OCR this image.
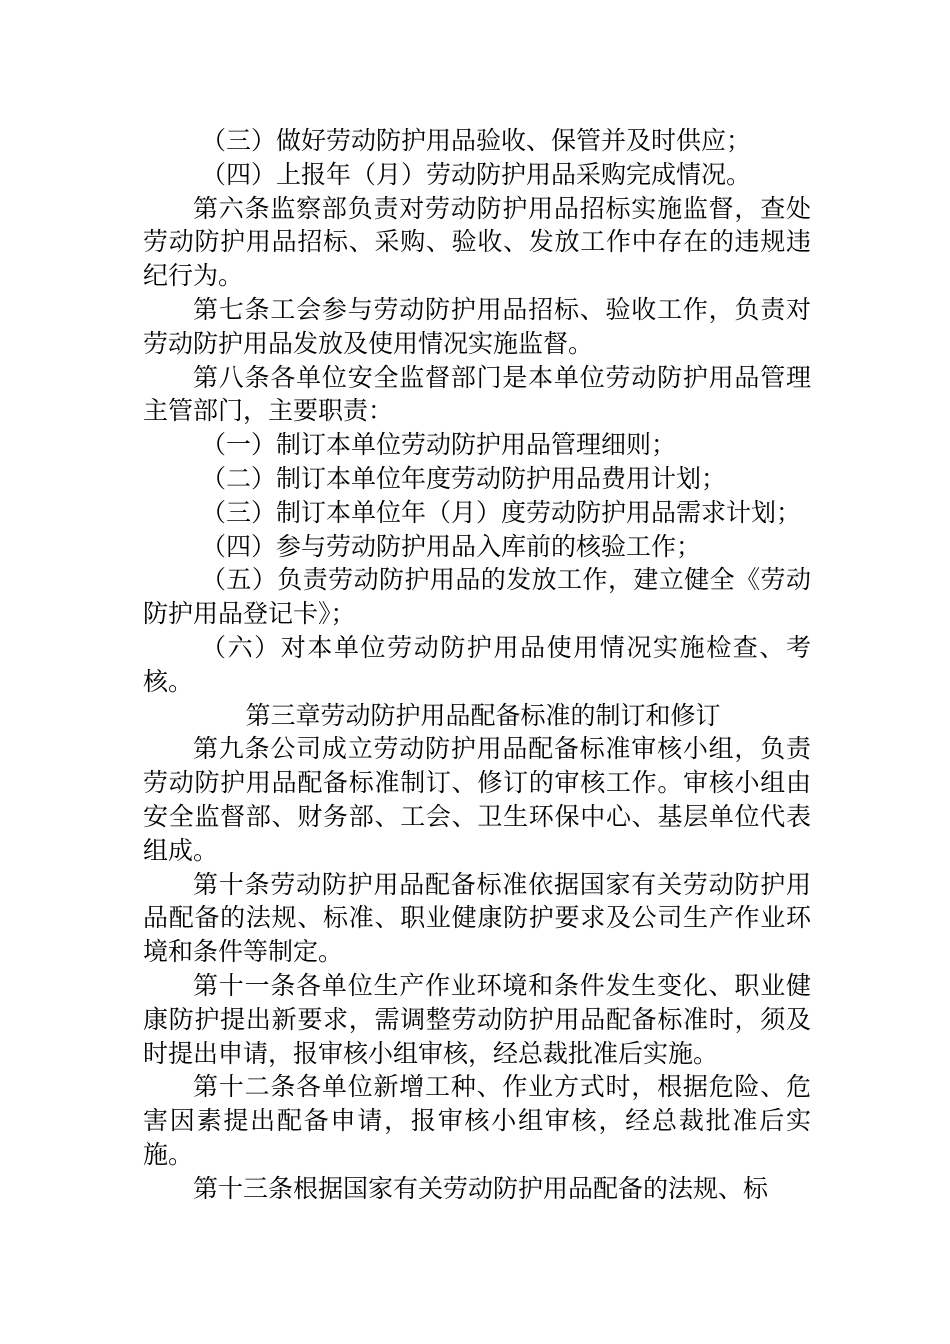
（三）做好劳动防护用品验收、保管并及时供应；

（四）上报年（月）劳动防护用品采购完成情况。

第六条监察部负责对劳动防护用品招标实施监督，查处劳动防护用品招标、采购、验收、发放工作中存在的违规违纪行为。

第七条工会参与劳动防护用品招标、验收工作，负责对劳动防护用品发放及使用情况实施监督。

第八条各单位安全监督部门是本单位劳动防护用品管理主管部门，主要职责：

（一）制订本单位劳动防护用品管理细则；

（二）制订本单位年度劳动防护用品费用计划；

（三）制订本单位年（月）度劳动防护用品需求计划；

（四）参与劳动防护用品入库前的核验工作；

（五）负责劳动防护用品的发放工作，建立健全《劳动防护用品登记卡》；

（六）对本单位劳动防护用品使用情况实施检查、考核。

第三章劳动防护用品配备标准的制订和修订

第九条公司成立劳动防护用品配备标准审核小组，负责劳动防护用品配备标准制订、修订的审核工作。审核小组由安全监督部、财务部、工会、卫生环保中心、基层单位代表组成。

第十条劳动防护用品配备标准依据国家有关劳动防护用品配备的法规、标准、职业健康防护要求及公司生产作业环境和条件等制定。

第十一条各单位生产作业环境和条件发生变化、职业健康防护提出新要求，需调整劳动防护用品配备标准时，须及时提出申请，报审核小组审核，经总裁批准后实施。

第十二条各单位新增工种、作业方式时，根据危险、危害因素提出配备申请，报审核小组审核，经总裁批准后实施。

第十三条根据国家有关劳动防护用品配备的法规、标
